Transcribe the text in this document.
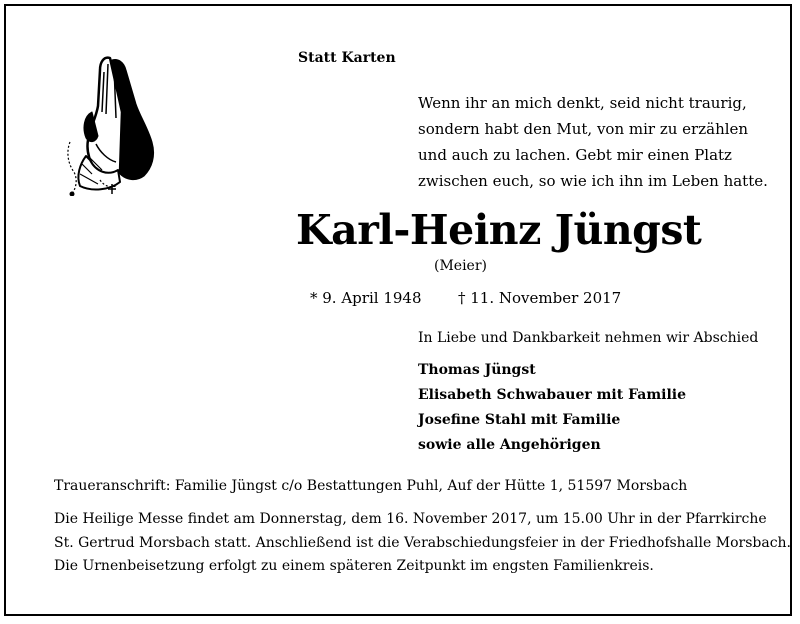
Statt Karten
Wenn ihr an mich denkt, seid nicht traurig,
sondern habt den Mut, von mir zu erzählen
und auch zu lachen. Gebt mir einen Platz
zwischen euch, so wie ich ihn im Leben hatte.
Karl-Heinz Jüngst
(Meier)
* 9. April 1948 † 11. November 2017
In Liebe und Dankbarkeit nehmen wir Abschied
Thomas Jüngst
Elisabeth Schwabauer mit Familie
Josefine Stahl mit Familie
sowie alle Angehörigen
Traueranschrift: Familie Jüngst c/o Bestattungen Puhl, Auf der Hütte 1, 51597 Morsbach
Die Heilige Messe findet am Donnerstag, dem 16. November 2017, um 15.00 Uhr in der Pfarrkirche
St. Gertrud Morsbach statt. Anschließend ist die Verabschiedungsfeier in der Friedhofshalle Morsbach.
Die Urnenbeisetzung erfolgt zu einem späteren Zeitpunkt im engsten Familienkreis.
